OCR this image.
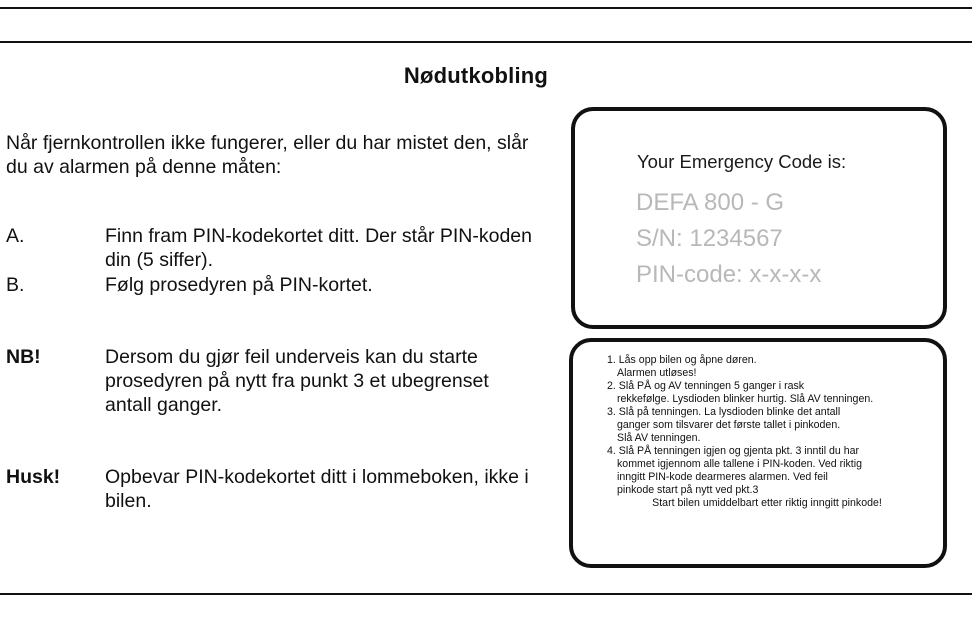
Nødutkobling
Når fjernkontrollen ikke fungerer, eller du har mistet den, slår du av alarmen på denne måten:
A.	Finn fram PIN-kodekortet ditt. Der står PIN-koden din (5 siffer).
B.	Følg prosedyren på PIN-kortet.
NB!	Dersom du gjør feil underveis kan du starte prosedyren på nytt fra punkt 3 et ubegrenset antall ganger.
Husk!	Opbevar PIN-kodekortet ditt i lommeboken, ikke i bilen.
Your Emergency Code is:
DEFA 800 - G
S/N: 1234567
PIN-code: x-x-x-x
1. Lås opp bilen og åpne døren.
Alarmen utløses!
2. Slå PÅ og AV tenningen 5 ganger i rask
rekkefølge. Lysdioden blinker hurtig. Slå AV tenningen.
3. Slå på tenningen. La lysdioden blinke det antall
ganger som tilsvarer det første tallet i pinkoden.
Slå AV tenningen.
4. Slå PÅ tenningen igjen og gjenta pkt. 3 inntil du har
kommet igjennom alle tallene i PIN-koden. Ved riktig
inngitt PIN-kode dearmeres alarmen. Ved feil
pinkode start på nytt ved pkt.3
Start bilen umiddelbart etter riktig inngitt pinkode!
